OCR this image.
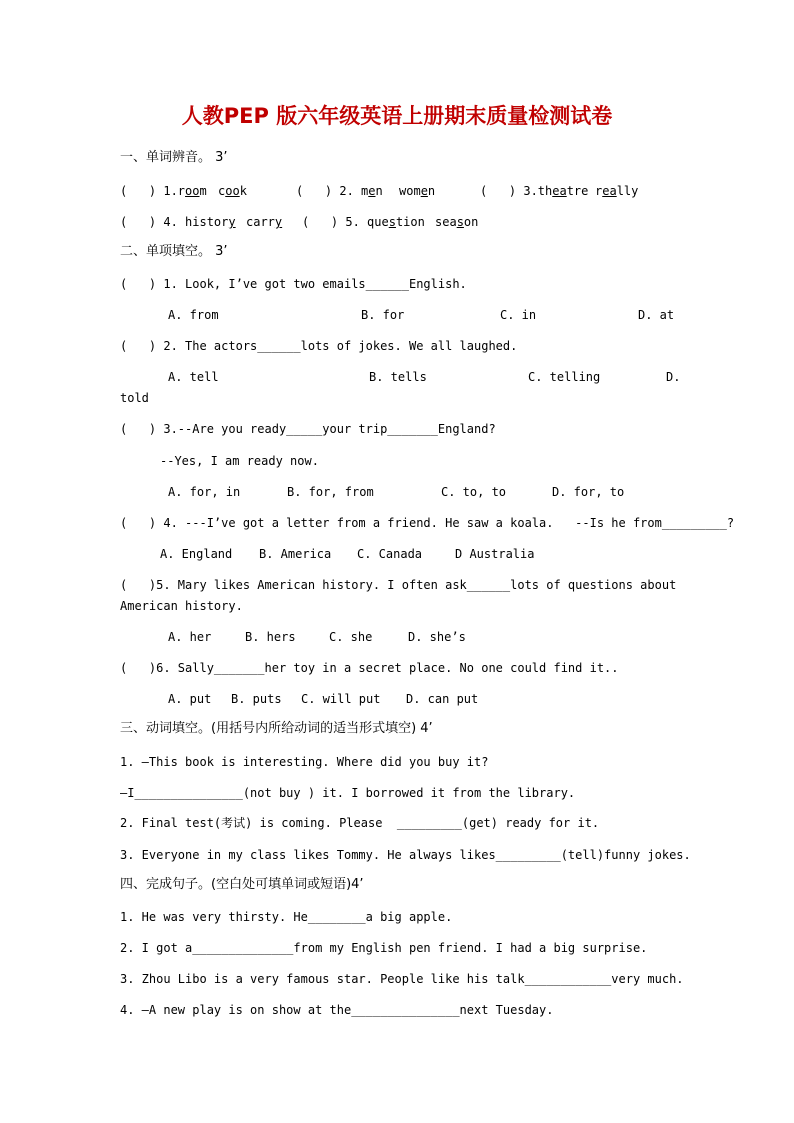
人教PEP 版六年级英语上册期末质量检测试卷
一、单词辨音。 3’
(   ) 1.room cook	(   ) 2. men women	(   ) 3.theatre really
(   ) 4. history carry (   ) 5. question season
二、单项填空。 3’
(   ) 1. Look, I’ve got two emails______English.
A. from	B. for	C. in	D. at
(   ) 2. The actors______lots of jokes. We all laughed.
A. tell	B. tells	C. telling	D.
told
(   ) 3.--Are you ready_____your trip_______England?
--Yes, I am ready now.
A. for, in	B. for, from	C. to, to	D. for, to
(   ) 4. ---I’ve got a letter from a friend. He saw a koala.   --Is he from_________?
A. England B. America C. Canada	D Australia
(   )5. Mary likes American history. I often ask______lots of questions about
American history.
A. her	B. hers	C. she	D. she’s
(   )6. Sally_______her toy in a secret place. No one could find it..
A. put B. puts C. will put D. can put
三、动词填空。(用括号内所给动词的适当形式填空) 4’
1. —This book is interesting. Where did you buy it?
—I_______________(not buy ) it. I borrowed it from the library.
2. Final test(考试) is coming. Please  _________(get) ready for it.
3. Everyone in my class likes Tommy. He always likes_________(tell)funny jokes.
四、完成句子。(空白处可填单词或短语)4’
1. He was very thirsty. He________a big apple.
2. I got a______________from my English pen friend. I had a big surprise.
3. Zhou Libo is a very famous star. People like his talk____________very much.
4. –A new play is on show at the_______________next Tuesday.
